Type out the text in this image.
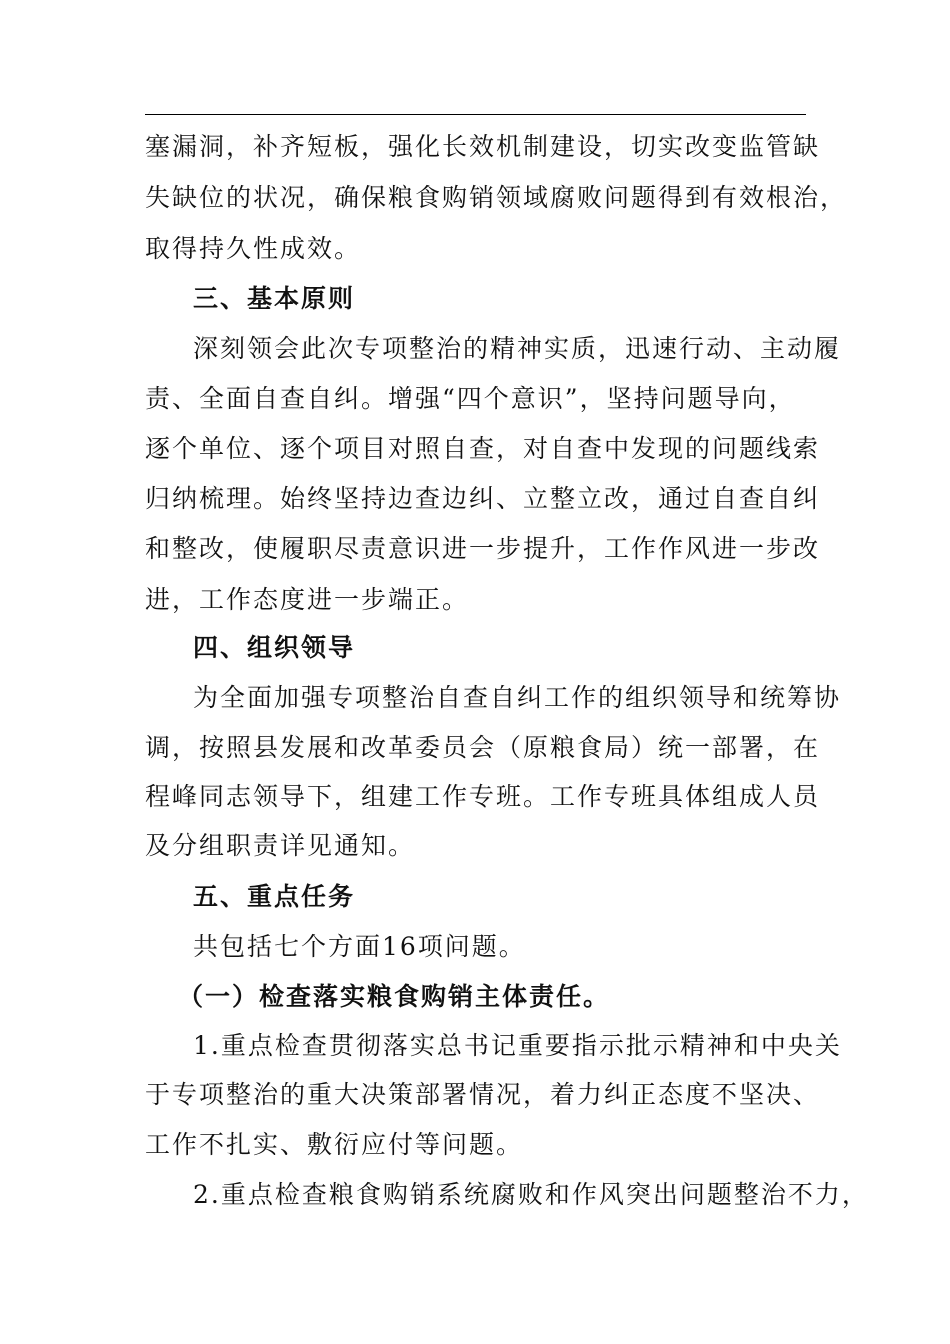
塞漏洞，补齐短板，强化长效机制建设，切实改变监管缺
失缺位的状况，确保粮食购销领域腐败问题得到有效根治，
取得持久性成效。
三、基本原则
深刻领会此次专项整治的精神实质，迅速行动、主动履
责、全面自查自纠。增强“四个意识”，坚持问题导向，
逐个单位、逐个项目对照自查，对自查中发现的问题线索
归纳梳理。始终坚持边查边纠、立整立改，通过自查自纠
和整改，使履职尽责意识进一步提升，工作作风进一步改
进，工作态度进一步端正。
四、组织领导
为全面加强专项整治自查自纠工作的组织领导和统筹协
调，按照县发展和改革委员会（原粮食局）统一部署，在
程峰同志领导下，组建工作专班。工作专班具体组成人员
及分组职责详见通知。
五、重点任务
共包括七个方面16项问题。
（一）检查落实粮食购销主体责任。
1.重点检查贯彻落实总书记重要指示批示精神和中央关
于专项整治的重大决策部署情况，着力纠正态度不坚决、
工作不扎实、敷衍应付等问题。
2.重点检查粮食购销系统腐败和作风突出问题整治不力，
